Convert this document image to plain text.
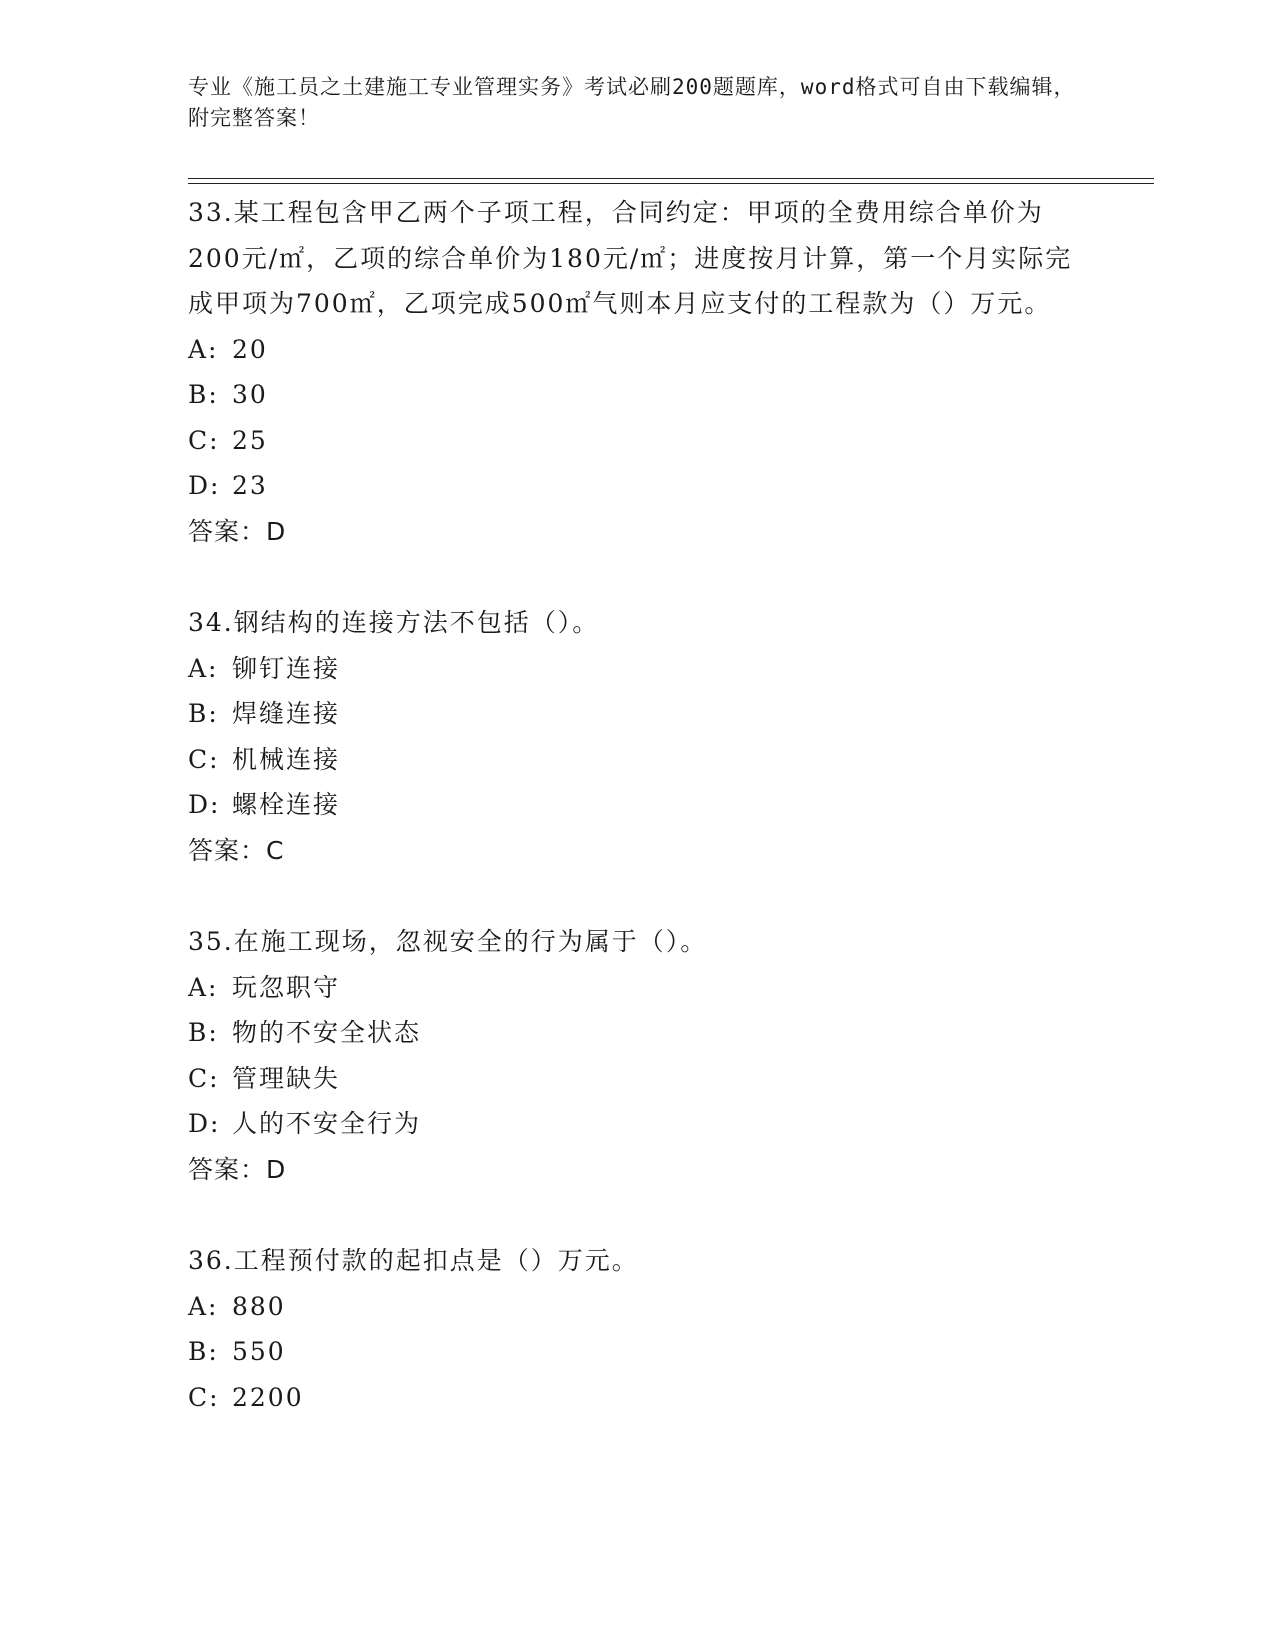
专业《施工员之土建施工专业管理实务》考试必刷200题题库，word格式可自由下载编辑，附完整答案！

33.某工程包含甲乙两个子项工程，合同约定：甲项的全费用综合单价为200元/㎡，乙项的综合单价为180元/㎡；进度按月计算，第一个月实际完成甲项为700㎡，乙项完成500㎡气则本月应支付的工程款为（）万元。

A: 20

B: 30

C: 25

D: 23

答案：D

34.钢结构的连接方法不包括（）。

A: 铆钉连接

B: 焊缝连接

C: 机械连接

D: 螺栓连接

答案：C

35.在施工现场，忽视安全的行为属于（）。

A: 玩忽职守

B: 物的不安全状态

C: 管理缺失

D: 人的不安全行为

答案：D

36.工程预付款的起扣点是（）万元。

A: 880

B: 550

C: 2200
